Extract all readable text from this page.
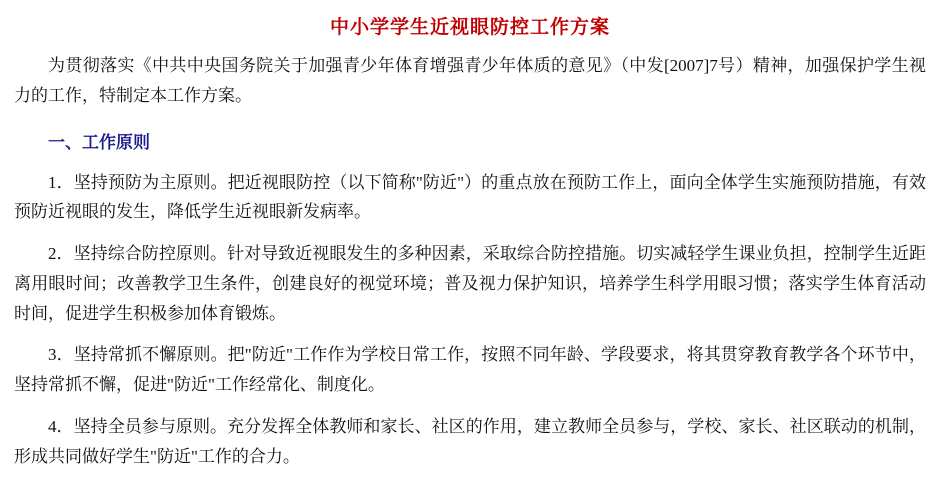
中小学学生近视眼防控工作方案

为贯彻落实《中共中央国务院关于加强青少年体育增强青少年体质的意见》（中发[2007]7号）精神，加强保护学生视力的工作，特制定本工作方案。

一、工作原则

1．坚持预防为主原则。把近视眼防控（以下简称"防近"）的重点放在预防工作上，面向全体学生实施预防措施，有效预防近视眼的发生，降低学生近视眼新发病率。

2．坚持综合防控原则。针对导致近视眼发生的多种因素，采取综合防控措施。切实减轻学生课业负担，控制学生近距离用眼时间；改善教学卫生条件，创建良好的视觉环境；普及视力保护知识，培养学生科学用眼习惯；落实学生体育活动时间，促进学生积极参加体育锻炼。

3．坚持常抓不懈原则。把"防近"工作作为学校日常工作，按照不同年龄、学段要求，将其贯穿教育教学各个环节中，坚持常抓不懈，促进"防近"工作经常化、制度化。

4．坚持全员参与原则。充分发挥全体教师和家长、社区的作用，建立教师全员参与，学校、家长、社区联动的机制，形成共同做好学生"防近"工作的合力。
